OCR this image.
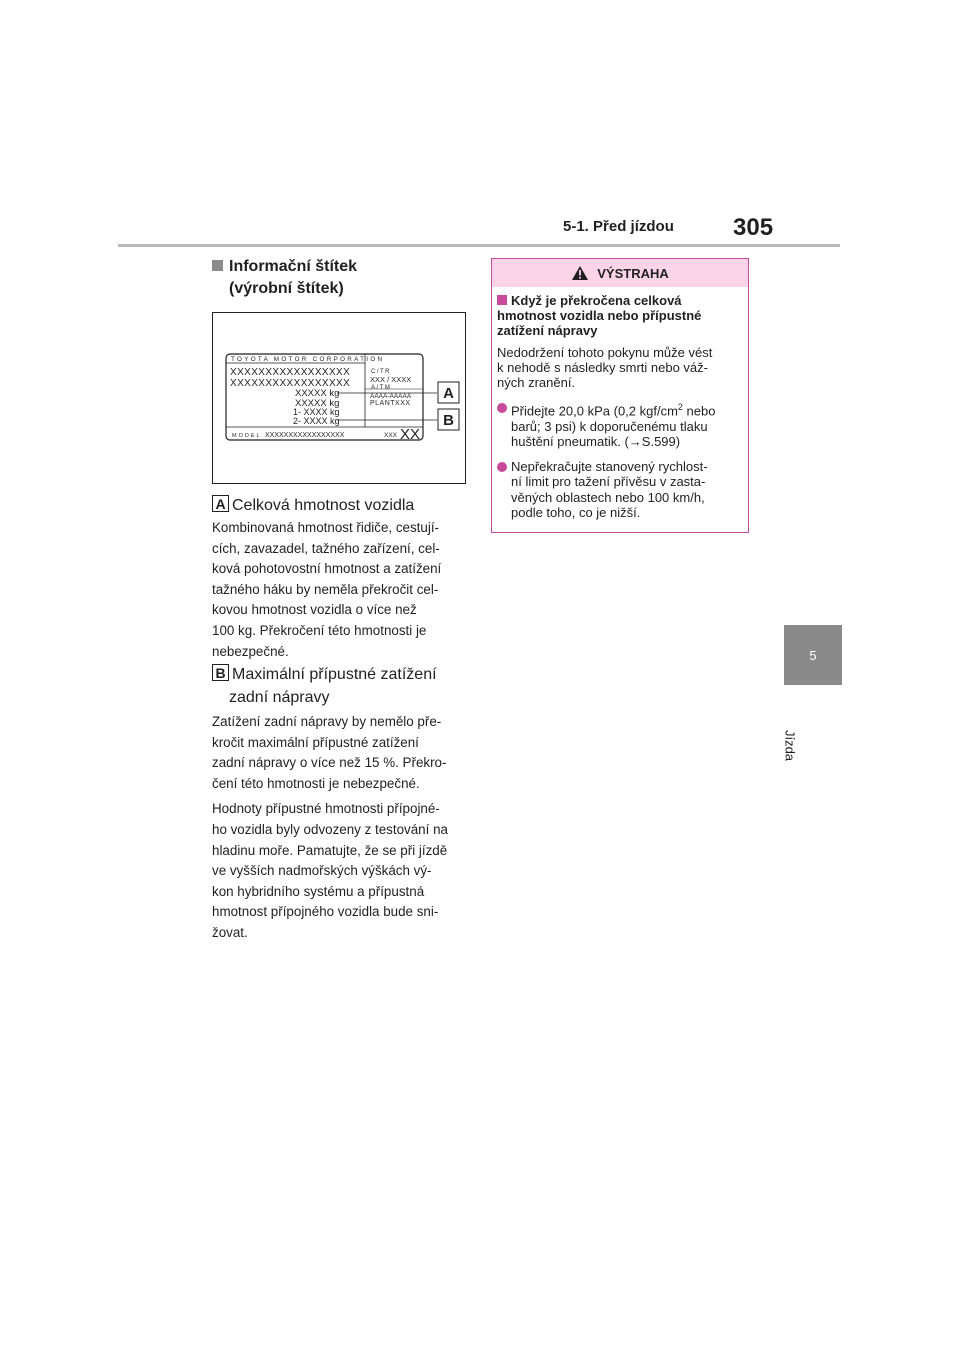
5-1. Před jízdou 305
5
Jízda
Informační štítek
(výrobní štítek)
TOYOTA MOTOR CORPORATION
XXXXXXXXXXXXXXXXX
XXXXXXXXXXXXXXXXX
XXXXX kg
XXXXX kg
1- XXXX kg
2- XXXX kg
C/TR
XXX / XXXX
A/TM
AAAA-AAAAA
PLANTXXX
MODEL XXXXXXXXXXXXXXXXX	XXX XX
A
B
A Celková hmotnost vozidla
Kombinovaná hmotnost řidiče, cestují-
cích, zavazadel, tažného zařízení, cel-
ková pohotovostní hmotnost a zatížení
tažného háku by neměla překročit cel-
kovou hmotnost vozidla o více než
100 kg. Překročení této hmotnosti je
nebezpečné.
B Maximální přípustné zatížení
zadní nápravy
Zatížení zadní nápravy by nemělo pře-
kročit maximální přípustné zatížení
zadní nápravy o více než 15 %. Překro-
čení této hmotnosti je nebezpečné.
Hodnoty přípustné hmotnosti přípojné-
ho vozidla byly odvozeny z testování na
hladinu moře. Pamatujte, že se při jízdě
ve vyšších nadmořských výškách vý-
kon hybridního systému a přípustná
hmotnost přípojného vozidla bude sni-
žovat.
VÝSTRAHA
Když je překročena celková
hmotnost vozidla nebo přípustné
zatížení nápravy
Nedodržení tohoto pokynu může vést
k nehodě s následky smrti nebo váž-
ných zranění.
Přidejte 20,0 kPa (0,2 kgf/$cm^2$ nebo
barů; 3 psi) k doporučenému tlaku
huštění pneumatik. (→S.599)
Nepřekračujte stanovený rychlost-
ní limit pro tažení přívěsu v zasta-
věných oblastech nebo 100 km/h,
podle toho, co je nižší.
